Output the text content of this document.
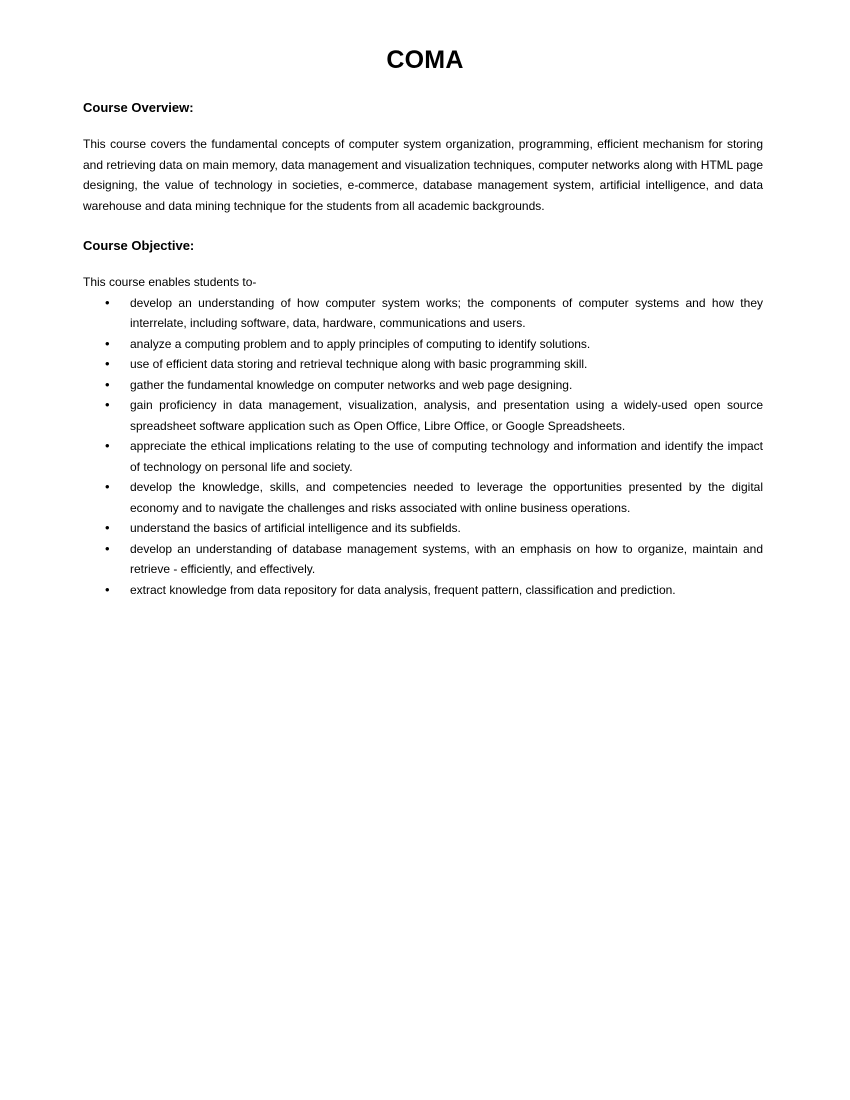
COMA

Course Overview:

This course covers the fundamental concepts of computer system organization, programming, efficient mechanism for storing and retrieving data on main memory, data management and visualization techniques, computer networks along with HTML page designing, the value of technology in societies, e-commerce, database management system, artificial intelligence, and data warehouse and data mining technique for the students from all academic backgrounds.

Course Objective:

This course enables students to-

• develop an understanding of how computer system works; the components of computer systems and how they interrelate, including software, data, hardware, communications and users.
• analyze a computing problem and to apply principles of computing to identify solutions.
• use of efficient data storing and retrieval technique along with basic programming skill.
• gather the fundamental knowledge on computer networks and web page designing.
• gain proficiency in data management, visualization, analysis, and presentation using a widely-used open source spreadsheet software application such as Open Office, Libre Office, or Google Spreadsheets.
• appreciate the ethical implications relating to the use of computing technology and information and identify the impact of technology on personal life and society.
• develop the knowledge, skills, and competencies needed to leverage the opportunities presented by the digital economy and to navigate the challenges and risks associated with online business operations.
• understand the basics of artificial intelligence and its subfields.
• develop an understanding of database management systems, with an emphasis on how to organize, maintain and retrieve - efficiently, and effectively.
• extract knowledge from data repository for data analysis, frequent pattern, classification and prediction.
